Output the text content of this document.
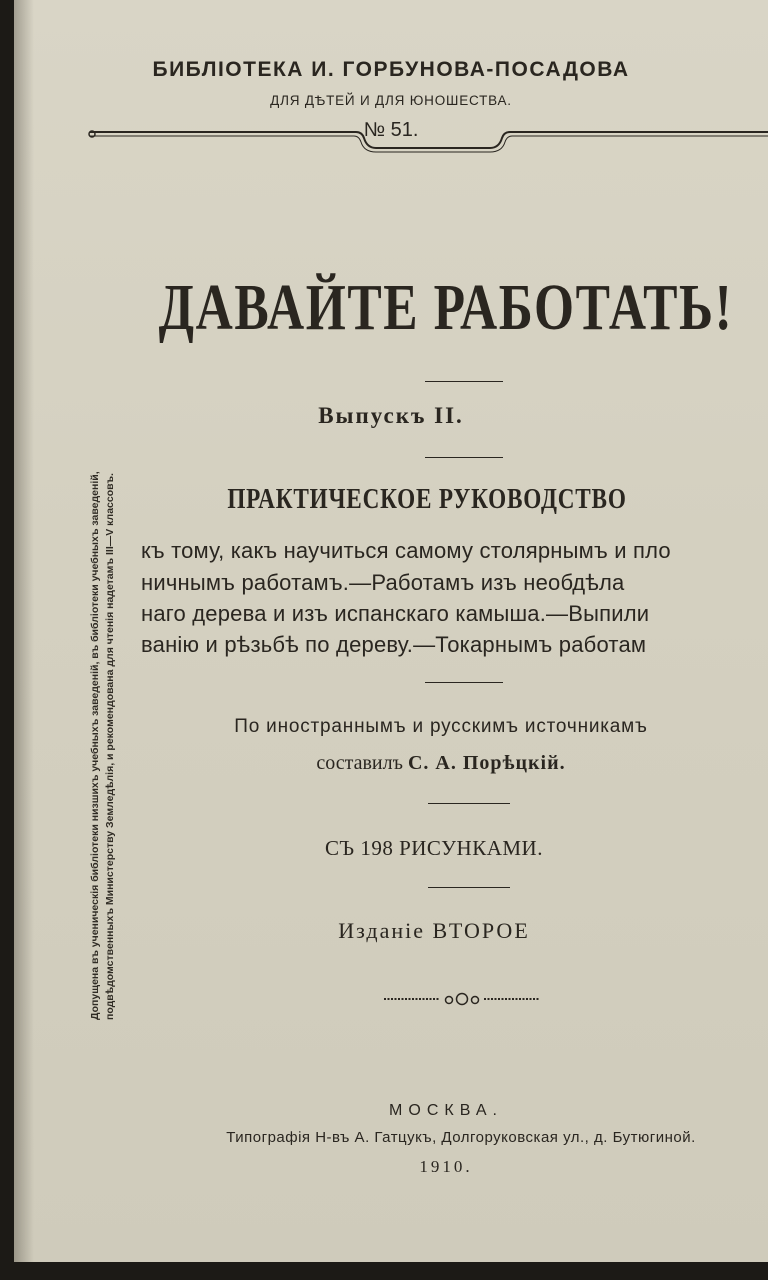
БИБЛІОТЕКА И. ГОРБУНОВА-ПОСАДОВА
ДЛЯ ДѢТЕЙ И ДЛЯ ЮНОШЕСТВА.
№ 51.
ДАВАЙТЕ РАБОТАТЬ!
Выпускъ II.
ПРАКТИЧЕСКОЕ РУКОВОДСТВО
къ тому, какъ научиться самому столярнымъ и пло
ничнымъ работамъ.—Работамъ изъ необдѣла
наго дерева и изъ испанскаго камыша.—Выпили
ванію и рѣзьбѣ по дереву.—Токарнымъ работам
По иностраннымъ и русскимъ источникамъ
составилъ С. А. Порѣцкій.
СЪ 198 РИСУНКАМИ.
Изданіе ВТОРОЕ
МОСКВА.
Типографія Н-въ А. Гатцукъ, Долгоруковская ул., д. Бутюгиной.
1910.
Допущена въ ученическія библіотеки низшихъ учебныхъ заведеній, въ библіотеки учебныхъ заведеній, подвѣдомственныхъ Министерству Земледѣлія, и рекомендована для чтенія надетамъ III—V классовъ.
